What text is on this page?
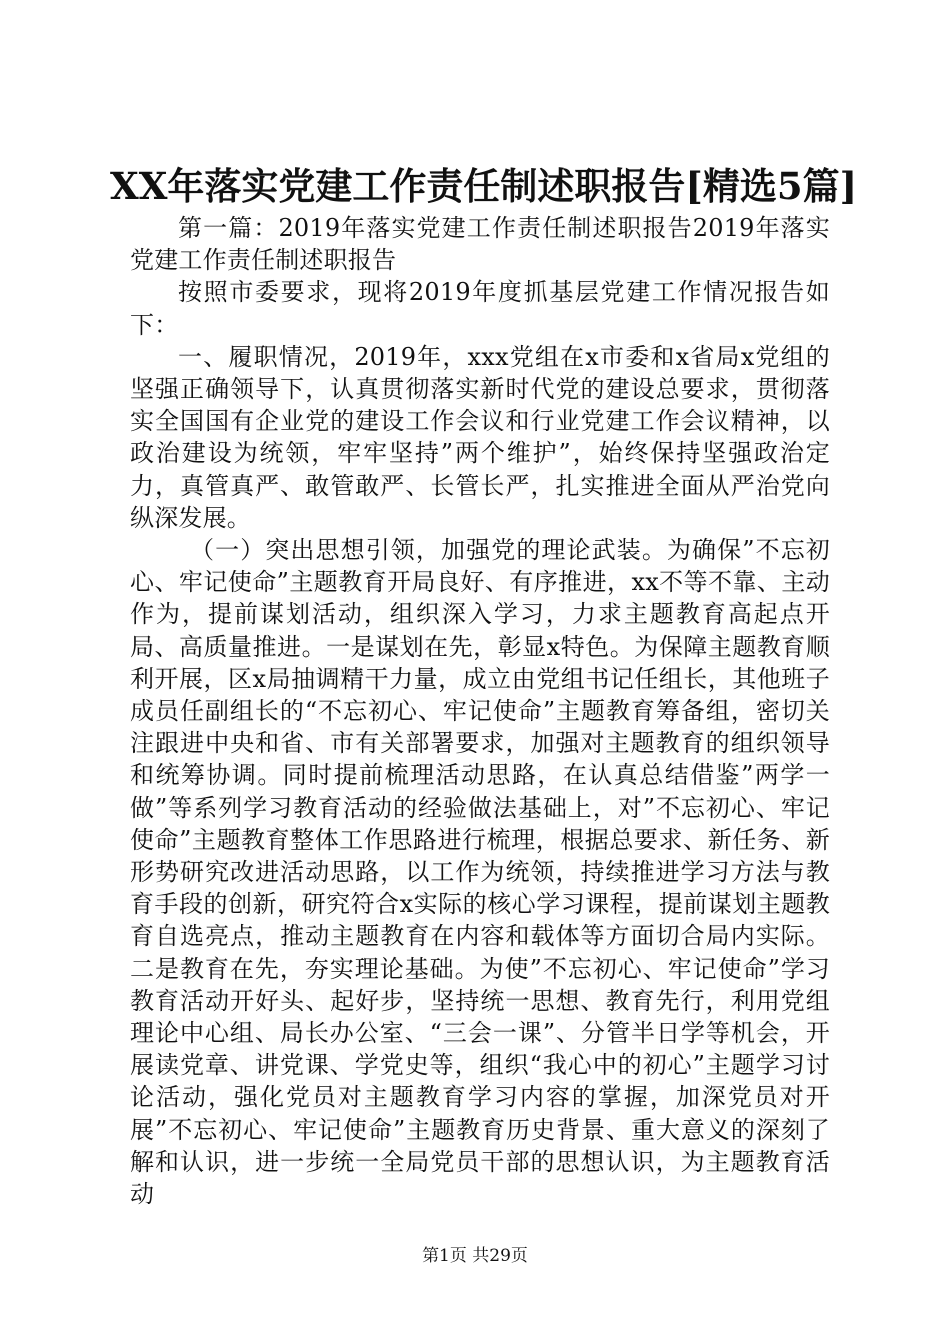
XX年落实党建工作责任制述职报告[精选5篇]

第一篇：2019年落实党建工作责任制述职报告2019年落实党建工作责任制述职报告

按照市委要求，现将2019年度抓基层党建工作情况报告如下：

一、履职情况，2019年，xxx党组在x市委和x省局x党组的坚强正确领导下，认真贯彻落实新时代党的建设总要求，贯彻落实全国国有企业党的建设工作会议和行业党建工作会议精神，以政治建设为统领，牢牢坚持”两个维护”，始终保持坚强政治定力，真管真严、敢管敢严、长管长严，扎实推进全面从严治党向纵深发展。

（一）突出思想引领，加强党的理论武装。为确保”不忘初心、牢记使命”主题教育开局良好、有序推进，xx不等不靠、主动作为，提前谋划活动，组织深入学习，力求主题教育高起点开局、高质量推进。一是谋划在先，彰显x特色。为保障主题教育顺利开展，区x局抽调精干力量，成立由党组书记任组长，其他班子成员任副组长的“不忘初心、牢记使命”主题教育筹备组，密切关注跟进中央和省、市有关部署要求，加强对主题教育的组织领导和统筹协调。同时提前梳理活动思路，在认真总结借鉴”两学一做”等系列学习教育活动的经验做法基础上，对”不忘初心、牢记使命”主题教育整体工作思路进行梳理，根据总要求、新任务、新形势研究改进活动思路，以工作为统领，持续推进学习方法与教育手段的创新，研究符合x实际的核心学习课程，提前谋划主题教育自选亮点，推动主题教育在内容和载体等方面切合局内实际。二是教育在先，夯实理论基础。为使”不忘初心、牢记使命”学习教育活动开好头、起好步，坚持统一思想、教育先行，利用党组理论中心组、局长办公室、“三会一课”、分管半日学等机会，开展读党章、讲党课、学党史等，组织“我心中的初心”主题学习讨论活动，强化党员对主题教育学习内容的掌握，加深党员对开展”不忘初心、牢记使命”主题教育历史背景、重大意义的深刻了解和认识，进一步统一全局党员干部的思想认识，为主题教育活动

第1页 共29页
